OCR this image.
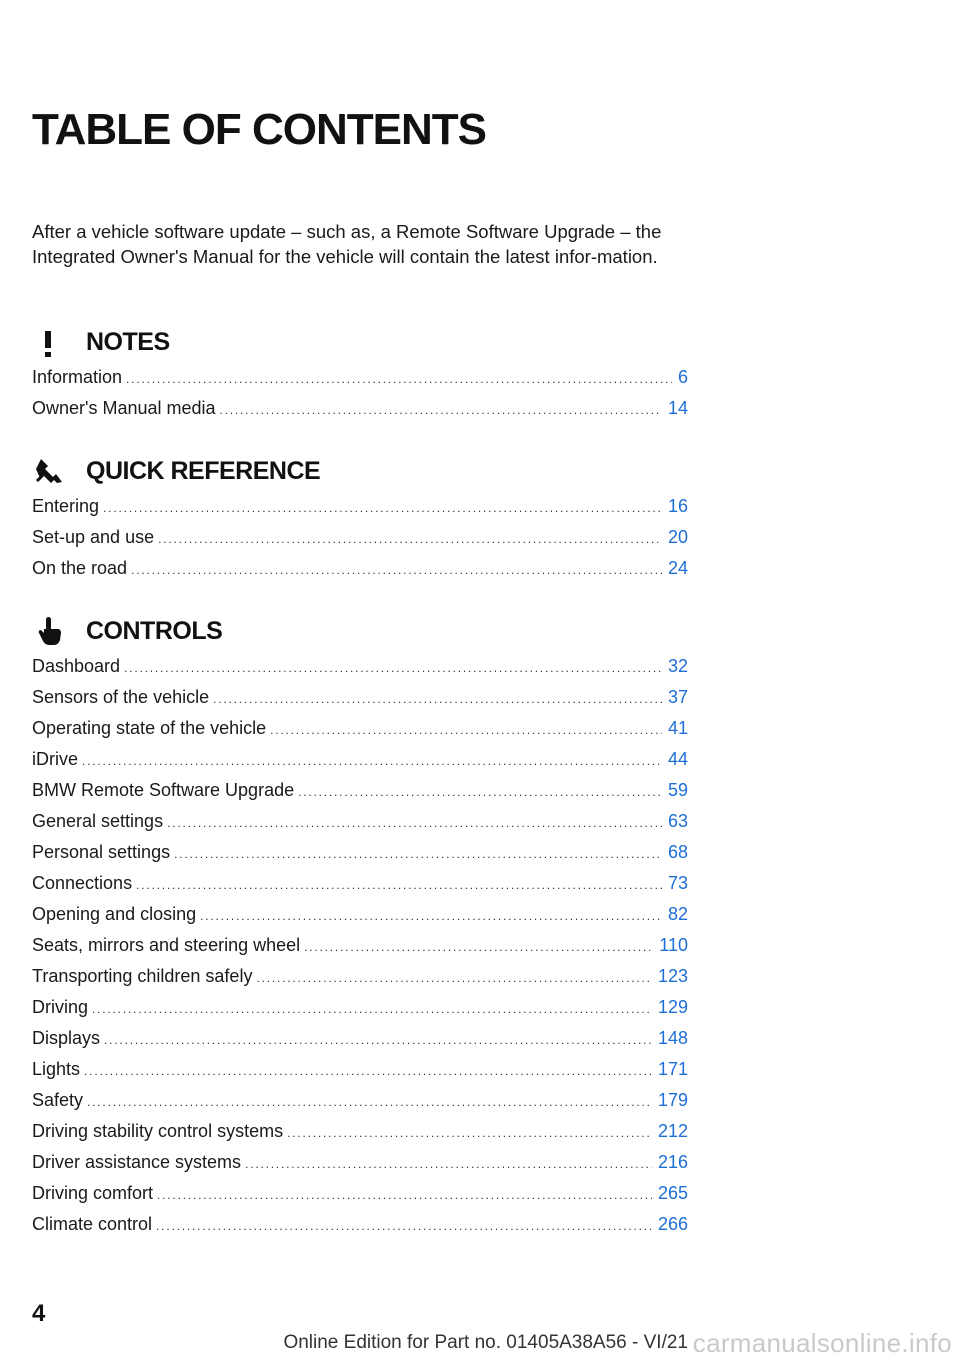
TABLE OF CONTENTS

After a vehicle software update – such as, a Remote Software Upgrade – the Integrated Owner's Manual for the vehicle will contain the latest infor-mation.

NOTES
Information .....	6
Owner's Manual media .....	14
QUICK REFERENCE
Entering .....	16
Set-up and use .....	20
On the road .....	24
CONTROLS
Dashboard .....	32
Sensors of the vehicle .....	37
Operating state of the vehicle .....	41
iDrive .....	44
BMW Remote Software Upgrade .....	59
General settings .....	63
Personal settings .....	68
Connections .....	73
Opening and closing .....	82
Seats, mirrors and steering wheel .....	110
Transporting children safely .....	123
Driving .....	129
Displays .....	148
Lights .....	171
Safety .....	179
Driving stability control systems .....	212
Driver assistance systems .....	216
Driving comfort .....	265
Climate control .....	266
4
Online Edition for Part no. 01405A38A56 - VI/21 carmanualsonline.info
